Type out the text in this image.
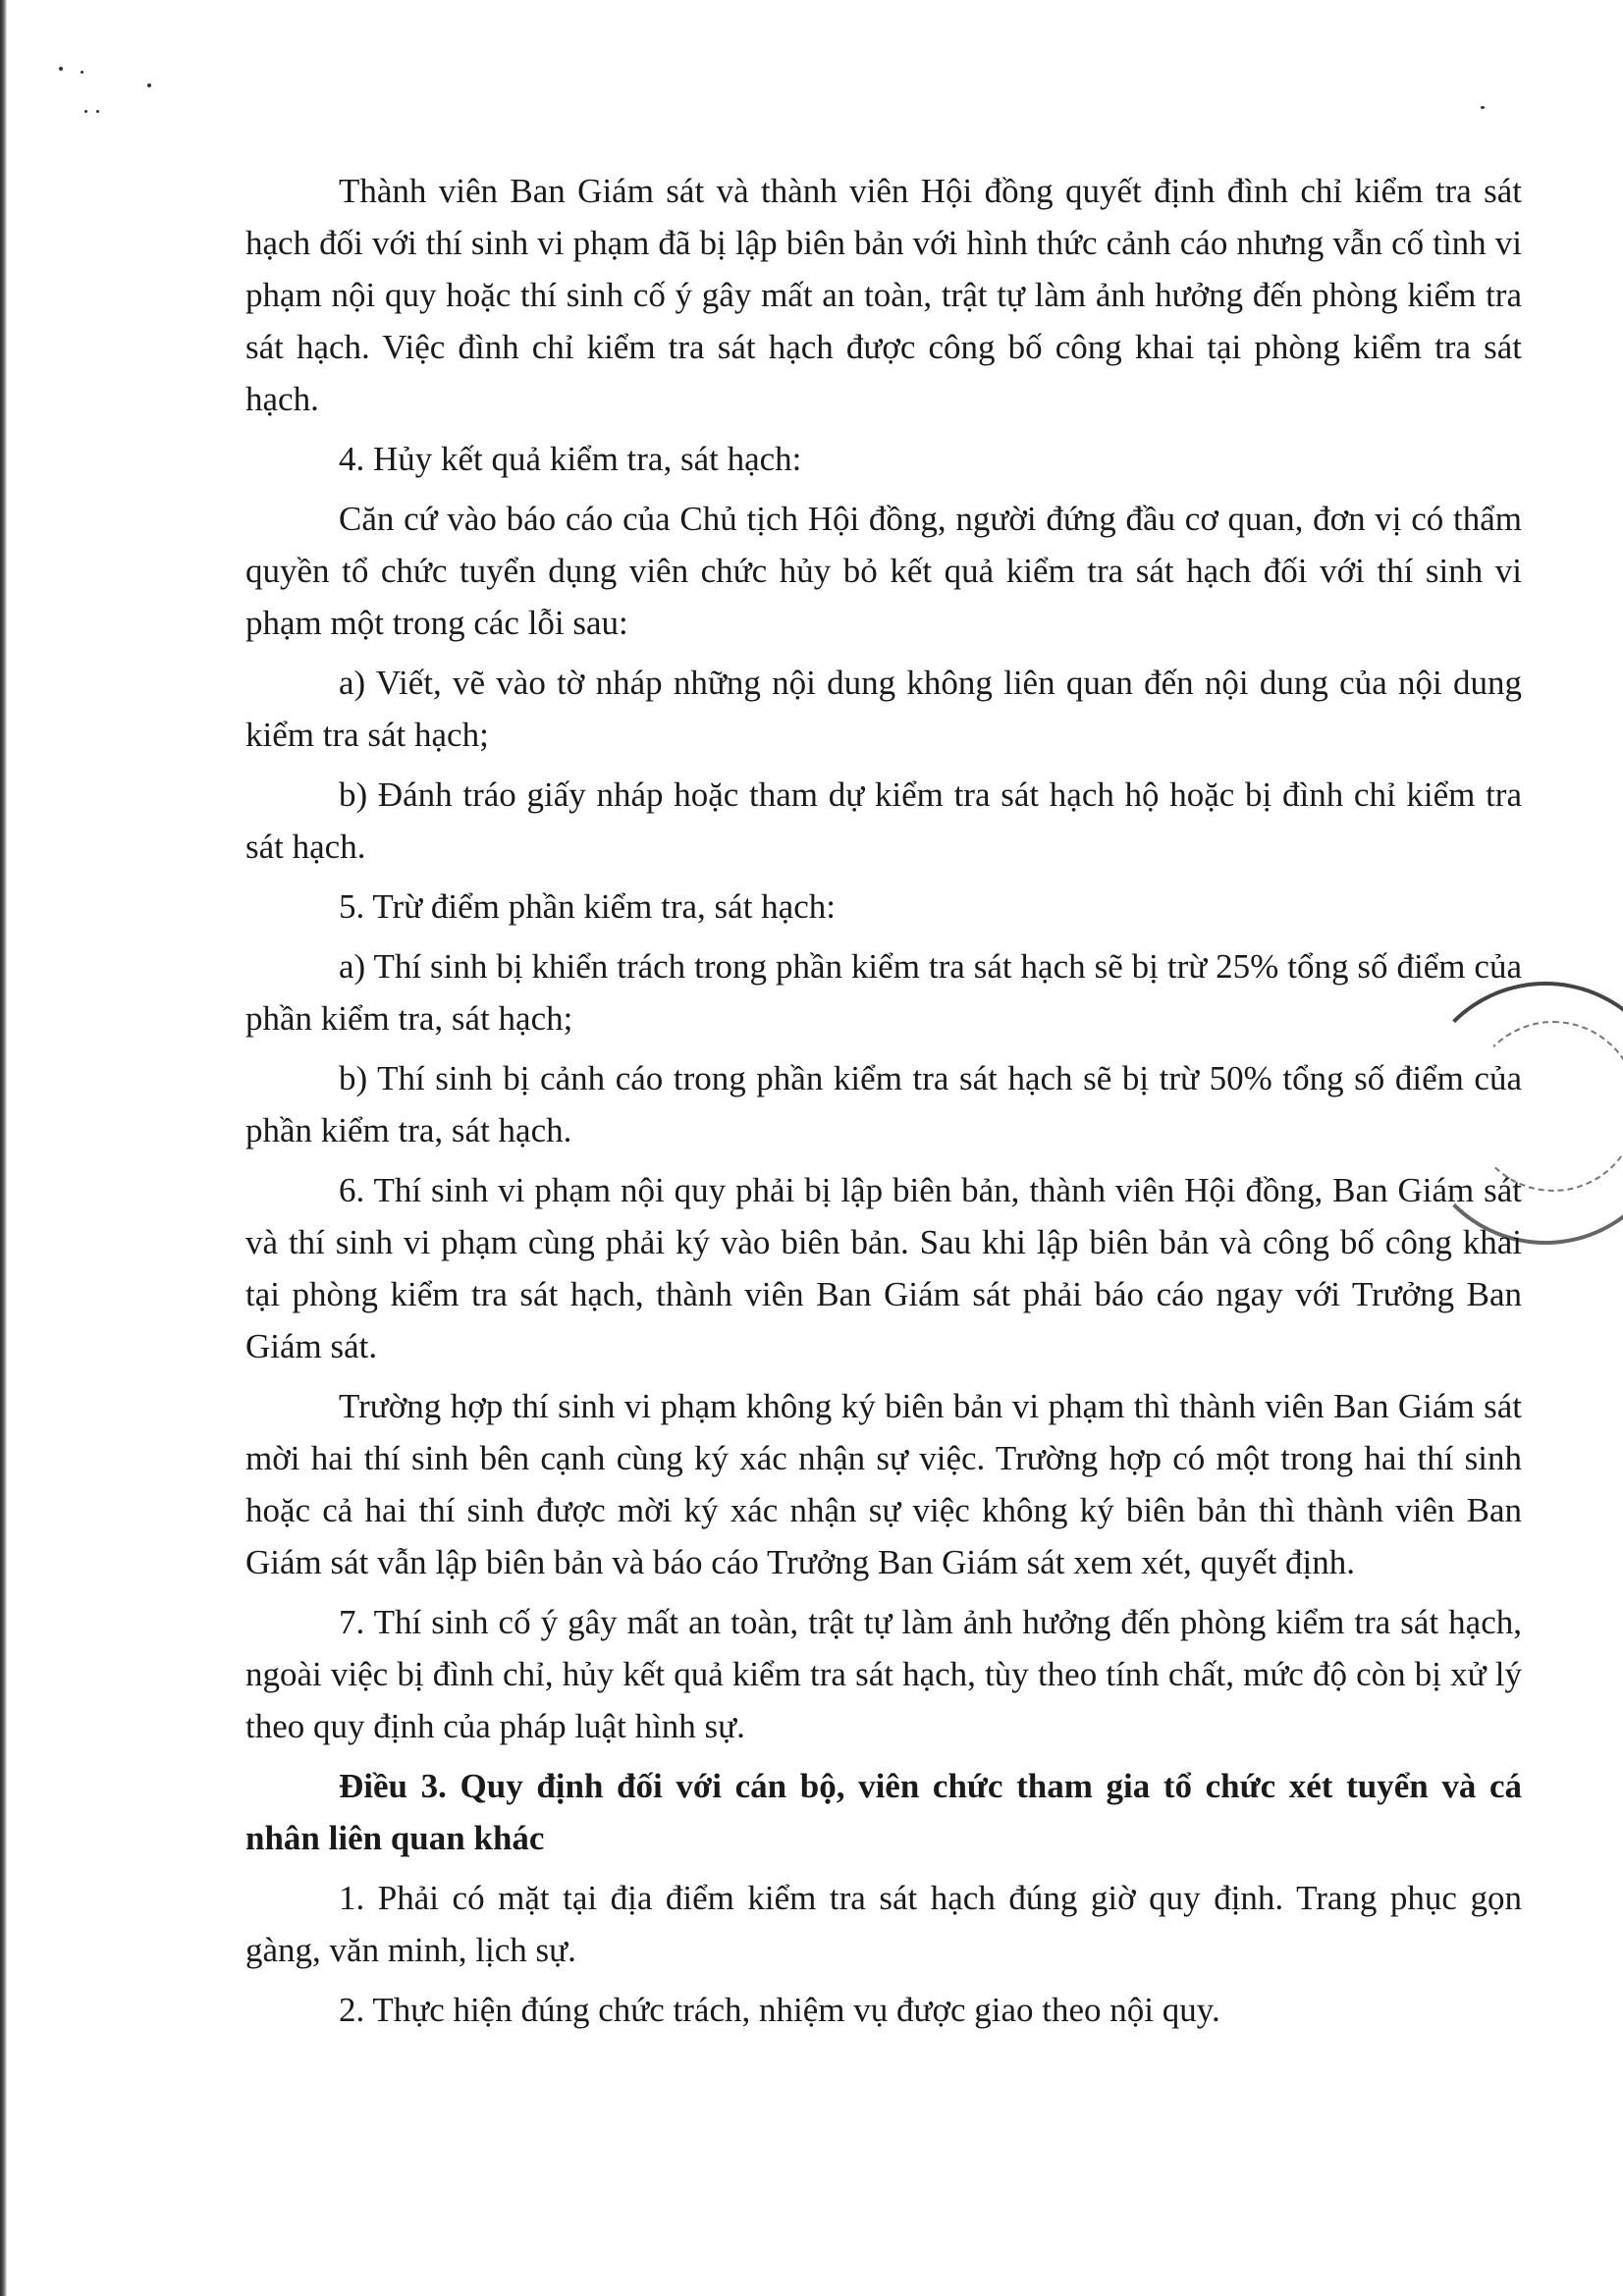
Thành viên Ban Giám sát và thành viên Hội đồng quyết định đình chỉ kiểm tra sát hạch đối với thí sinh vi phạm đã bị lập biên bản với hình thức cảnh cáo nhưng vẫn cố tình vi phạm nội quy hoặc thí sinh cố ý gây mất an toàn, trật tự làm ảnh hưởng đến phòng kiểm tra sát hạch. Việc đình chỉ kiểm tra sát hạch được công bố công khai tại phòng kiểm tra sát hạch.

4. Hủy kết quả kiểm tra, sát hạch:

Căn cứ vào báo cáo của Chủ tịch Hội đồng, người đứng đầu cơ quan, đơn vị có thẩm quyền tổ chức tuyển dụng viên chức hủy bỏ kết quả kiểm tra sát hạch đối với thí sinh vi phạm một trong các lỗi sau:

a) Viết, vẽ vào tờ nháp những nội dung không liên quan đến nội dung của nội dung kiểm tra sát hạch;

b) Đánh tráo giấy nháp hoặc tham dự kiểm tra sát hạch hộ hoặc bị đình chỉ kiểm tra sát hạch.

5. Trừ điểm phần kiểm tra, sát hạch:

a) Thí sinh bị khiển trách trong phần kiểm tra sát hạch sẽ bị trừ 25% tổng số điểm của phần kiểm tra, sát hạch;

b) Thí sinh bị cảnh cáo trong phần kiểm tra sát hạch sẽ bị trừ 50% tổng số điểm của phần kiểm tra, sát hạch.

6. Thí sinh vi phạm nội quy phải bị lập biên bản, thành viên Hội đồng, Ban Giám sát và thí sinh vi phạm cùng phải ký vào biên bản. Sau khi lập biên bản và công bố công khai tại phòng kiểm tra sát hạch, thành viên Ban Giám sát phải báo cáo ngay với Trưởng Ban Giám sát.

Trường hợp thí sinh vi phạm không ký biên bản vi phạm thì thành viên Ban Giám sát mời hai thí sinh bên cạnh cùng ký xác nhận sự việc. Trường hợp có một trong hai thí sinh hoặc cả hai thí sinh được mời ký xác nhận sự việc không ký biên bản thì thành viên Ban Giám sát vẫn lập biên bản và báo cáo Trưởng Ban Giám sát xem xét, quyết định.

7. Thí sinh cố ý gây mất an toàn, trật tự làm ảnh hưởng đến phòng kiểm tra sát hạch, ngoài việc bị đình chỉ, hủy kết quả kiểm tra sát hạch, tùy theo tính chất, mức độ còn bị xử lý theo quy định của pháp luật hình sự.

Điều 3. Quy định đối với cán bộ, viên chức tham gia tổ chức xét tuyển và cá nhân liên quan khác

1. Phải có mặt tại địa điểm kiểm tra sát hạch đúng giờ quy định. Trang phục gọn gàng, văn minh, lịch sự.

2. Thực hiện đúng chức trách, nhiệm vụ được giao theo nội quy.
